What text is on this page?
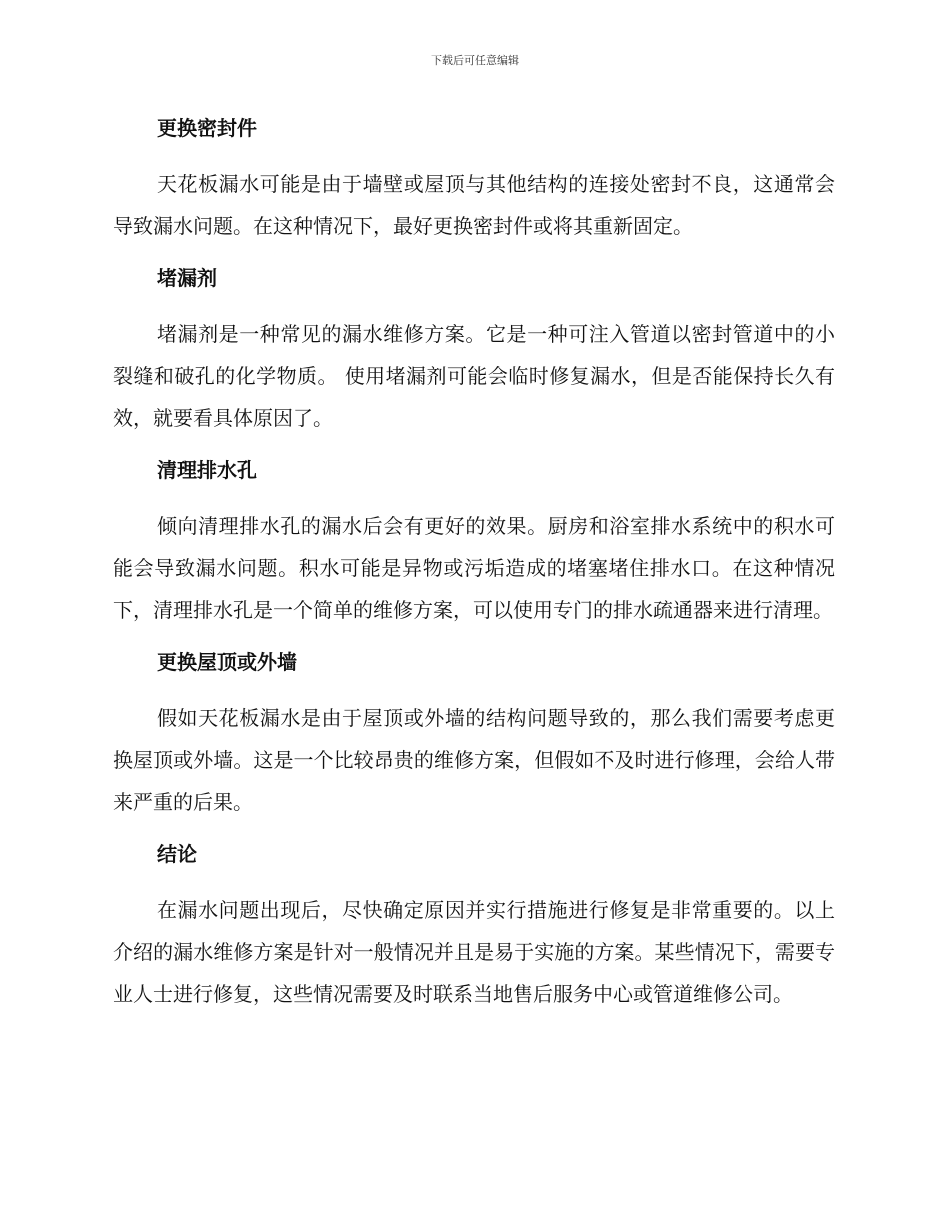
下载后可任意编辑
更换密封件

天花板漏水可能是由于墙壁或屋顶与其他结构的连接处密封不良，这通常会导致漏水问题。在这种情况下，最好更换密封件或将其重新固定。

堵漏剂

堵漏剂是一种常见的漏水维修方案。它是一种可注入管道以密封管道中的小裂缝和破孔的化学物质。 使用堵漏剂可能会临时修复漏水，但是否能保持长久有效，就要看具体原因了。

清理排水孔

倾向清理排水孔的漏水后会有更好的效果。厨房和浴室排水系统中的积水可能会导致漏水问题。积水可能是异物或污垢造成的堵塞堵住排水口。在这种情况下，清理排水孔是一个简单的维修方案，可以使用专门的排水疏通器来进行清理。

更换屋顶或外墙

假如天花板漏水是由于屋顶或外墙的结构问题导致的，那么我们需要考虑更换屋顶或外墙。这是一个比较昂贵的维修方案，但假如不及时进行修理，会给人带来严重的后果。

结论

在漏水问题出现后，尽快确定原因并实行措施进行修复是非常重要的。以上介绍的漏水维修方案是针对一般情况并且是易于实施的方案。某些情况下，需要专业人士进行修复，这些情况需要及时联系当地售后服务中心或管道维修公司。
